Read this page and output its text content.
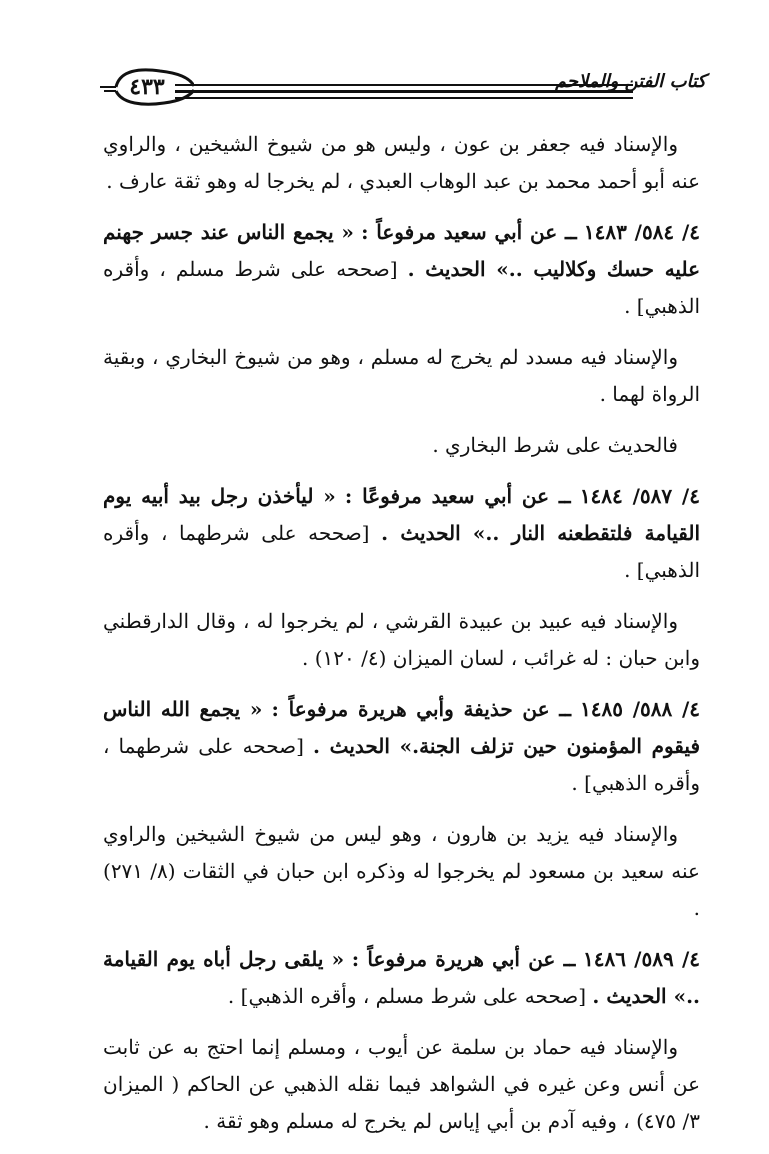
٤٣٣	كتاب الفتن والملاحم

والإسناد فيه جعفر بن عون ، وليس هو من شيوخ الشيخين ، والراوي عنه أبو أحمد محمد بن عبد الوهاب العبدي ، لم يخرجا له وهو ثقة عارف .

٤/ ٥٨٤/ ١٤٨٣ ــ عن أبي سعيد مرفوعاً : « يجمع الناس عند جسر جهنم عليه حسك وكلاليب ..» الحديث . [صححه على شرط مسلم ، وأقره الذهبي] .

والإسناد فيه مسدد لم يخرج له مسلم ، وهو من شيوخ البخاري ، وبقية الرواة لهما .

فالحديث على شرط البخاري .

٤/ ٥٨٧/ ١٤٨٤ ــ عن أبي سعيد مرفوعًا : « ليأخذن رجل بيد أبيه يوم القيامة فلتقطعنه النار ..» الحديث . [صححه على شرطهما ، وأقره الذهبي] .

والإسناد فيه عبيد بن عبيدة القرشي ، لم يخرجوا له ، وقال الدارقطني وابن حبان : له غرائب ، لسان الميزان (٤/ ١٢٠) .

٤/ ٥٨٨/ ١٤٨٥ ــ عن حذيفة وأبي هريرة مرفوعاً : « يجمع الله الناس فيقوم المؤمنون حين تزلف الجنة.» الحديث . [صححه على شرطهما ، وأقره الذهبي] .

والإسناد فيه يزيد بن هارون ، وهو ليس من شيوخ الشيخين والراوي عنه سعيد بن مسعود لم يخرجوا له وذكره ابن حبان في الثقات (٨/ ٢٧١) .

٤/ ٥٨٩/ ١٤٨٦ ــ عن أبي هريرة مرفوعاً : « يلقى رجل أباه يوم القيامة ..» الحديث . [صححه على شرط مسلم ، وأقره الذهبي] .

والإسناد فيه حماد بن سلمة عن أيوب ، ومسلم إنما احتج به عن ثابت عن أنس وعن غيره في الشواهد فيما نقله الذهبي عن الحاكم ( الميزان ٣/ ٤٧٥) ، وفيه آدم بن أبي إياس لم يخرج له مسلم وهو ثقة .
